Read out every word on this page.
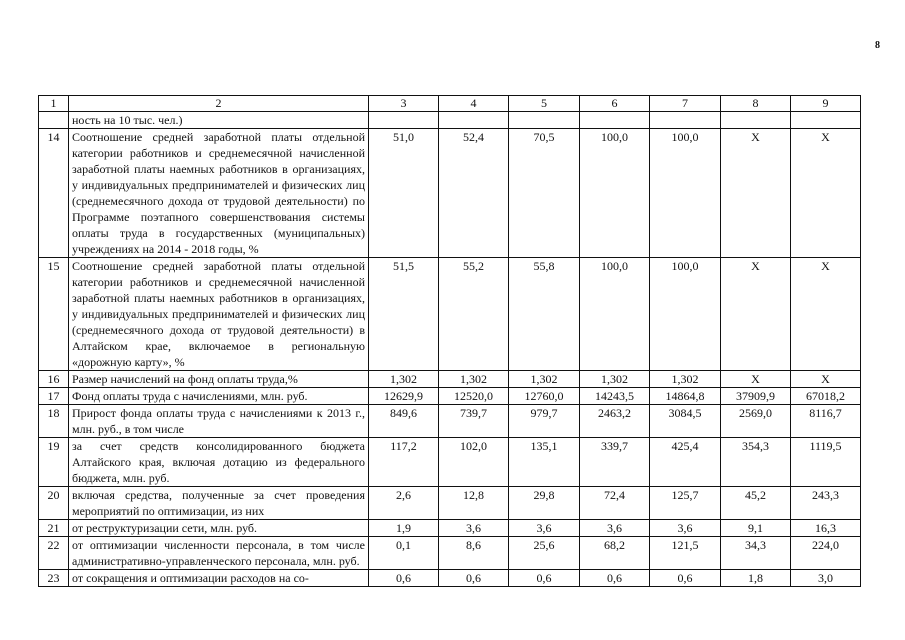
8
1	2	3	4	5	6	7	8	9
	ность на 10 тыс. чел.)							
14	Соотношение средней заработной платы отдельной категории работников и среднемесячной начисленной заработной платы наемных работников в организациях, у индивидуальных предпринимателей и физических лиц (среднемесячного дохода от трудовой деятельности) по Программе поэтапного совершенствования системы оплаты труда в государственных (муниципальных) учреждениях на 2014 - 2018 годы, %	51,0	52,4	70,5	100,0	100,0	X	X
15	Соотношение средней заработной платы отдельной категории работников и среднемесячной начисленной заработной платы наемных работников в организациях, у индивидуальных предпринимателей и физических лиц (среднемесячного дохода от трудовой деятельности) в Алтайском крае, включаемое в региональную «дорожную карту», %	51,5	55,2	55,8	100,0	100,0	X	X
16	Размер начислений на фонд оплаты труда,%	1,302	1,302	1,302	1,302	1,302	X	X
17	Фонд оплаты труда с начислениями, млн. руб.	12629,9	12520,0	12760,0	14243,5	14864,8	37909,9	67018,2
18	Прирост фонда оплаты труда с начислениями к 2013 г., млн. руб., в том числе	849,6	739,7	979,7	2463,2	3084,5	2569,0	8116,7
19	за счет средств консолидированного бюджета Алтайского края, включая дотацию из федерального бюджета, млн. руб.	117,2	102,0	135,1	339,7	425,4	354,3	1119,5
20	включая средства, полученные за счет проведения мероприятий по оптимизации, из них	2,6	12,8	29,8	72,4	125,7	45,2	243,3
21	от реструктуризации сети, млн. руб.	1,9	3,6	3,6	3,6	3,6	9,1	16,3
22	от оптимизации численности персонала, в том числе административно-управленческого персонала, млн. руб.	0,1	8,6	25,6	68,2	121,5	34,3	224,0
23	от сокращения и оптимизации расходов на со-	0,6	0,6	0,6	0,6	0,6	1,8	3,0
